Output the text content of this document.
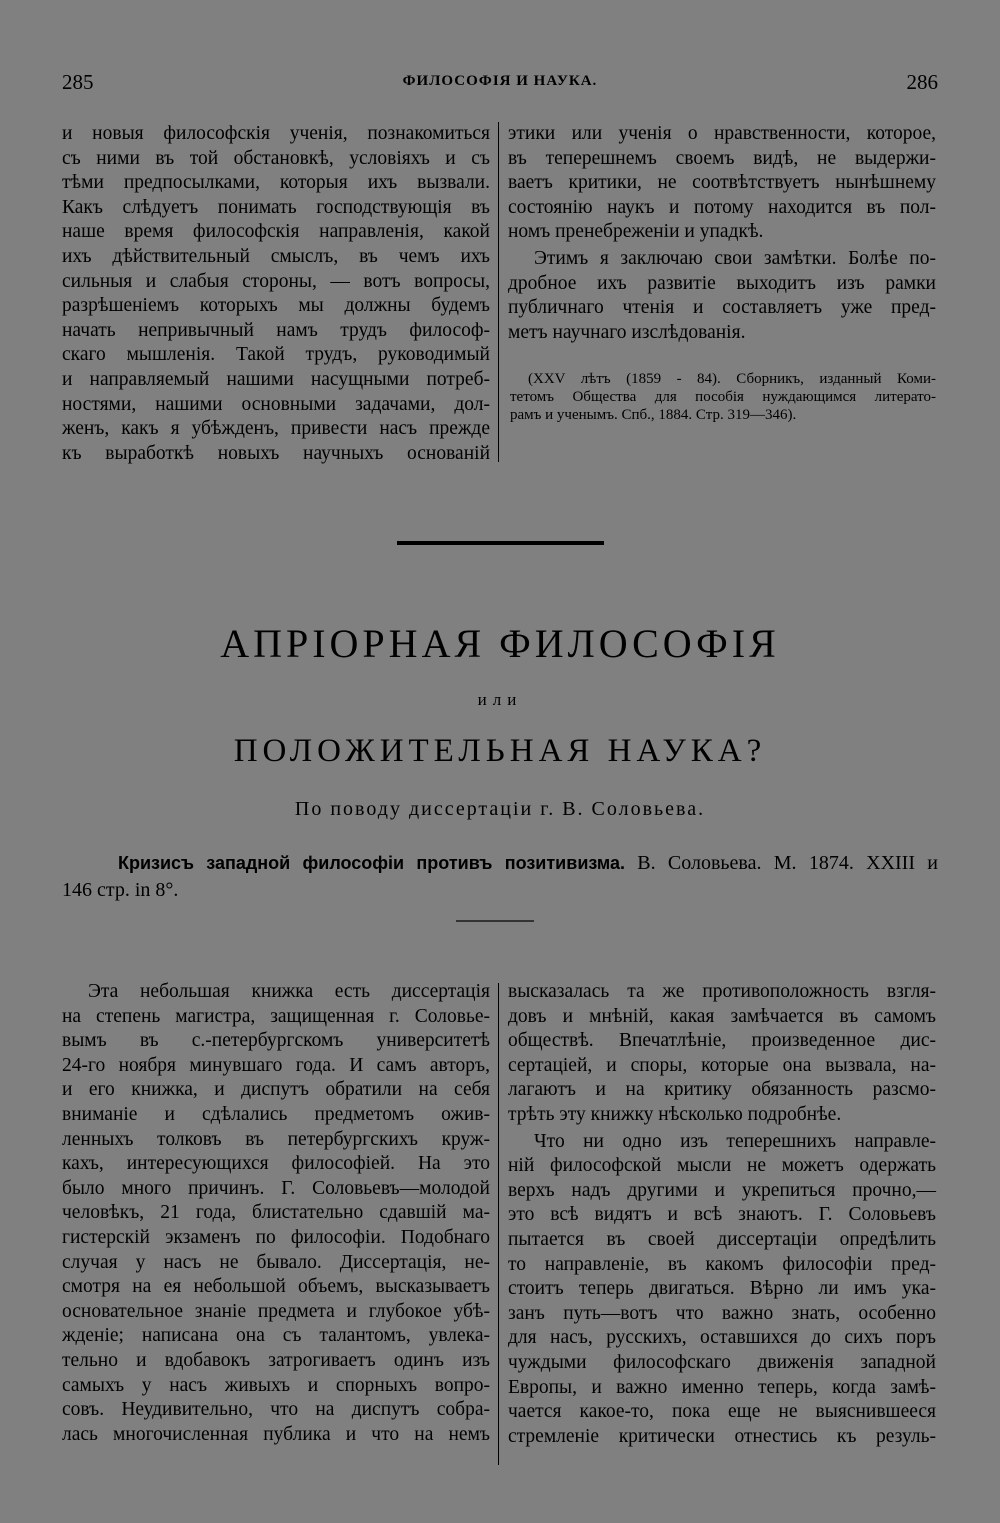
285	ФИЛОСОФІЯ И НАУКА.	286
и новыя философскія ученія, познакомиться
съ ними въ той обстановкѣ, условіяхъ и съ
тѣми предпосылками, которыя ихъ вызвали.
Какъ слѣдуетъ понимать господствующія въ
наше время философскія направленія, какой
ихъ дѣйствительный смыслъ, въ чемъ ихъ
сильныя и слабыя стороны, — вотъ вопросы,
разрѣшеніемъ которыхъ мы должны будемъ
начать непривычный намъ трудъ философ-
скаго мышленія. Такой трудъ, руководимый
и направляемый нашими насущными потреб-
ностями, нашими основными задачами, дол-
женъ, какъ я убѣжденъ, привести насъ прежде
къ выработкѣ новыхъ научныхъ основаній
этики или ученія о нравственности, которое,
въ теперешнемъ своемъ видѣ, не выдержи-
ваетъ критики, не соотвѣтствуетъ нынѣшнему
состоянію наукъ и потому находится въ пол-
номъ пренебреженіи и упадкѣ.
Этимъ я заключаю свои замѣтки. Болѣе по-
дробное ихъ развитіе выходитъ изъ рамки
публичнаго чтенія и составляетъ уже пред-
метъ научнаго изслѣдованія.
(XXV лѣтъ (1859 - 84). Сборникъ, изданный Коми-
тетомъ Общества для пособія нуждающимся литерато-
рамъ и ученымъ. Спб., 1884. Стр. 319—346).
АПРІОРНАЯ ФИЛОСОФІЯ
или
ПОЛОЖИТЕЛЬНАЯ НАУКА?
По поводу диссертаціи г. В. Соловьева.
Кризисъ западной философіи противъ позитивизма. В. Соловьева. М. 1874. XXIII и
146 стр. in 8°.
Эта небольшая книжка есть диссертація
на степень магистра, защищенная г. Соловье-
вымъ въ с.-петербургскомъ университетѣ
24-го ноября минувшаго года. И самъ авторъ,
и его книжка, и диспутъ обратили на себя
вниманіе и сдѣлались предметомъ ожив-
ленныхъ толковъ въ петербургскихъ круж-
кахъ, интересующихся философіей. На это
было много причинъ. Г. Соловьевъ—молодой
человѣкъ, 21 года, блистательно сдавшій ма-
гистерскій экзаменъ по философіи. Подобнаго
случая у насъ не бывало. Диссертація, не-
смотря на ея небольшой объемъ, высказываетъ
основательное знаніе предмета и глубокое убѣ-
жденіе; написана она съ талантомъ, увлека-
тельно и вдобавокъ затрогиваетъ одинъ изъ
самыхъ у насъ живыхъ и спорныхъ вопро-
совъ. Неудивительно, что на диспутъ собра-
лась многочисленная публика и что на немъ
высказалась та же противоположность взгля-
довъ и мнѣній, какая замѣчается въ самомъ
обществѣ. Впечатлѣніе, произведенное дис-
сертаціей, и споры, которые она вызвала, на-
лагаютъ и на критику обязанность разсмо-
трѣть эту книжку нѣсколько подробнѣе.
Что ни одно изъ теперешнихъ направле-
ній философской мысли не можетъ одержать
верхъ надъ другими и укрепиться прочно,—
это всѣ видятъ и всѣ знаютъ. Г. Соловьевъ
пытается въ своей диссертаціи опредѣлить
то направленіе, въ какомъ философіи пред-
стоитъ теперь двигаться. Вѣрно ли имъ ука-
занъ путь—вотъ что важно знать, особенно
для насъ, русскихъ, оставшихся до сихъ поръ
чуждыми философскаго движенія западной
Европы, и важно именно теперь, когда замѣ-
чается какое-то, пока еще не выяснившееся
стремленіе критически отнестись къ резуль-
